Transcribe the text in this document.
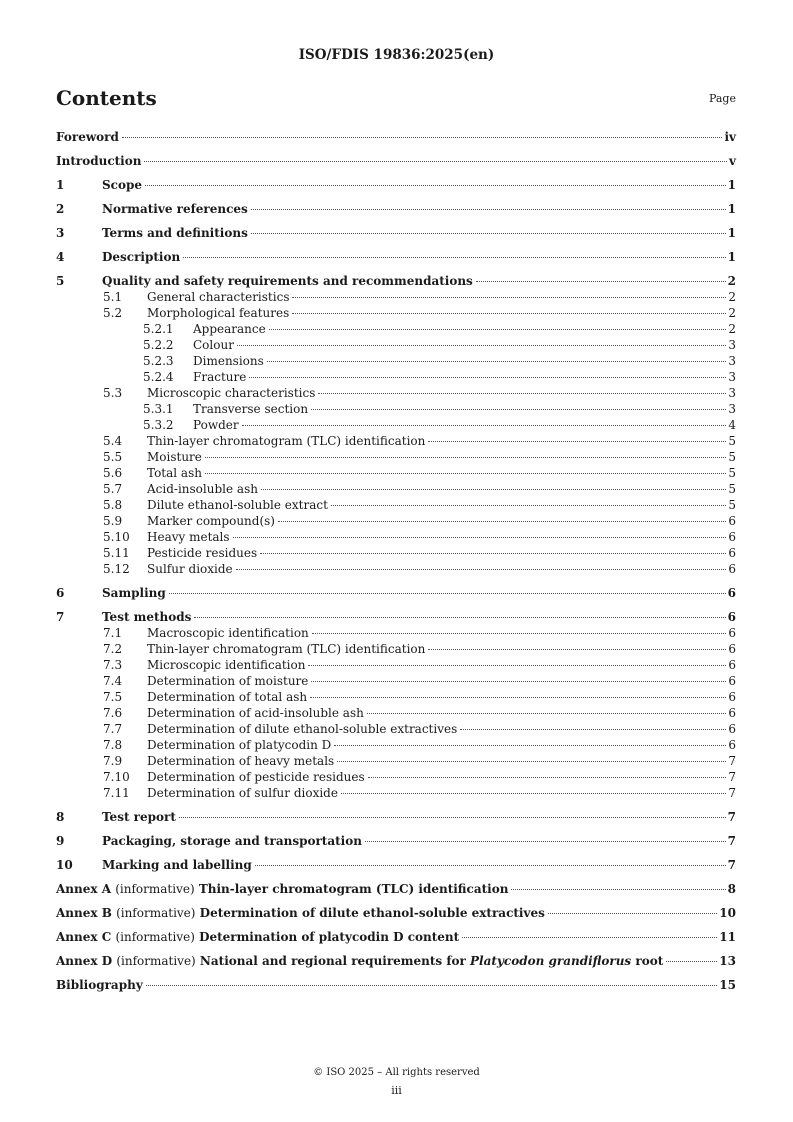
ISO/FDIS 19836:2025(en)
Contents	Page
Foreword	iv
Introduction	v
1	Scope	1
2	Normative references	1
3	Terms and definitions	1
4	Description	1
5	Quality and safety requirements and recommendations	2
5.1 General characteristics	2
5.2 Morphological features	2
5.2.1 Appearance	2
5.2.2 Colour	3
5.2.3 Dimensions	3
5.2.4 Fracture	3
5.3 Microscopic characteristics	3
5.3.1 Transverse section	3
5.3.2 Powder	4
5.4 Thin-layer chromatogram (TLC) identification	5
5.5 Moisture	5
5.6 Total ash	5
5.7 Acid-insoluble ash	5
5.8 Dilute ethanol-soluble extract	5
5.9 Marker compound(s)	6
5.10 Heavy metals	6
5.11 Pesticide residues	6
5.12 Sulfur dioxide	6
6	Sampling	6
7	Test methods	6
7.1 Macroscopic identification	6
7.2 Thin-layer chromatogram (TLC) identification	6
7.3 Microscopic identification	6
7.4 Determination of moisture	6
7.5 Determination of total ash	6
7.6 Determination of acid-insoluble ash	6
7.7 Determination of dilute ethanol-soluble extractives	6
7.8 Determination of platycodin D	6
7.9 Determination of heavy metals	7
7.10 Determination of pesticide residues	7
7.11 Determination of sulfur dioxide	7
8	Test report	7
9	Packaging, storage and transportation	7
10 Marking and labelling	7
Annex A (informative) Thin-layer chromatogram (TLC) identification	8
Annex B (informative) Determination of dilute ethanol-soluble extractives	10
Annex C (informative) Determination of platycodin D content	11
Annex D (informative) National and regional requirements for Platycodon grandiflorus root	13
Bibliography	15
© ISO 2025 – All rights reserved
iii
